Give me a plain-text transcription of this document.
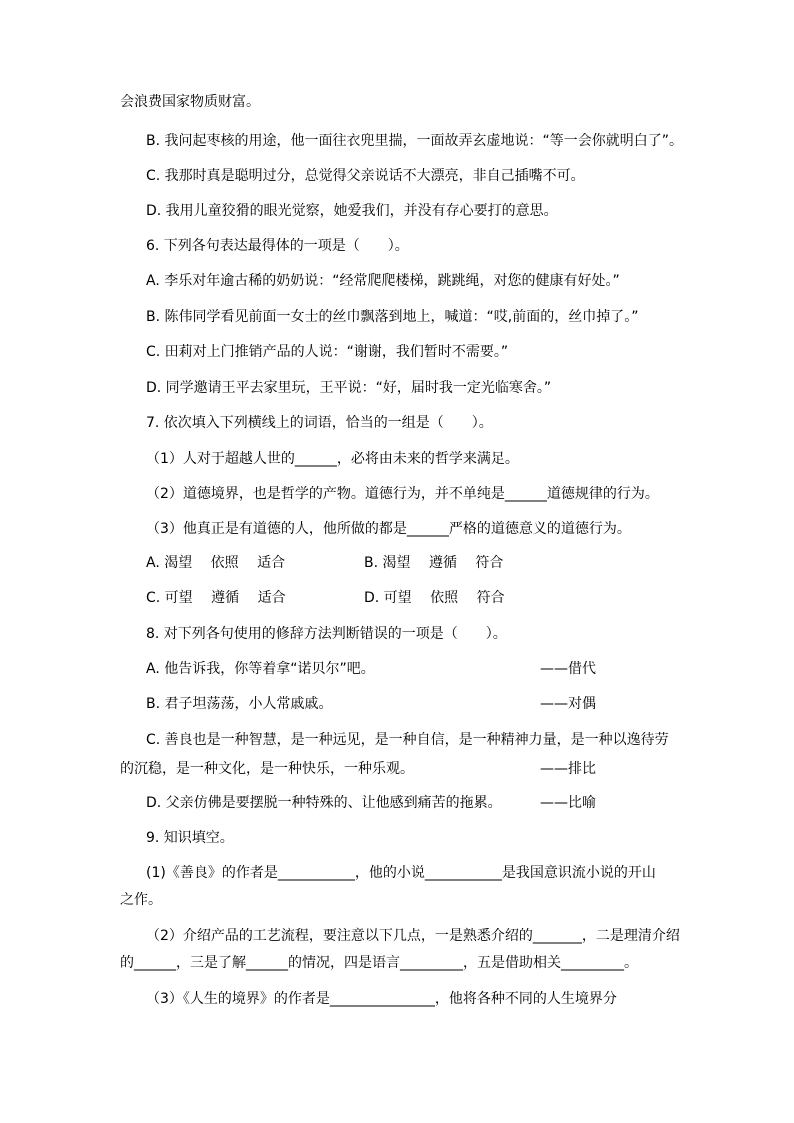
会浪费国家物质财富。
B. 我问起枣核的用途，他一面往衣兜里揣，一面故弄玄虚地说：“等一会你就明白了”。
C. 我那时真是聪明过分，总觉得父亲说话不大漂亮，非自己插嘴不可。
D. 我用儿童狡猾的眼光觉察，她爱我们，并没有存心要打的意思。
6. 下列各句表达最得体的一项是（　　）。
A. 李乐对年逾古稀的奶奶说：“经常爬爬楼梯，跳跳绳，对您的健康有好处。”
B. 陈伟同学看见前面一女士的丝巾飘落到地上，喊道：“哎,前面的，丝巾掉了。”
C. 田莉对上门推销产品的人说：“谢谢，我们暂时不需要。”
D. 同学邀请王平去家里玩，王平说：“好，届时我一定光临寒舍。”
7. 依次填入下列横线上的词语，恰当的一组是（　　）。
（1）人对于超越人世的______，必将由未来的哲学来满足。
（2）道德境界，也是哲学的产物。道德行为，并不单纯是______道德规律的行为。
（3）他真正是有道德的人，他所做的都是______严格的道德意义的道德行为。
A. 渴望　 依照　 适合	B. 渴望　 遵循　 符合
C. 可望　 遵循　 适合	D. 可望　 依照　 符合
8. 对下列各句使用的修辞方法判断错误的一项是（　　）。
A. 他告诉我，你等着拿“诺贝尔”吧。	——借代
B. 君子坦荡荡，小人常戚戚。	——对偶
C. 善良也是一种智慧，是一种远见，是一种自信，是一种精神力量，是一种以逸待劳
的沉稳，是一种文化，是一种快乐，一种乐观。	——排比
D. 父亲仿佛是要摆脱一种特殊的、让他感到痛苦的拖累。	——比喻
9. 知识填空。
(1)《善良》的作者是___________，他的小说___________是我国意识流小说的开山
之作。
（2）介绍产品的工艺流程，要注意以下几点，一是熟悉介绍的_______，二是理清介绍
的______，三是了解______的情况，四是语言_________，五是借助相关_________。
（3）《人生的境界》的作者是_______________，他将各种不同的人生境界分
